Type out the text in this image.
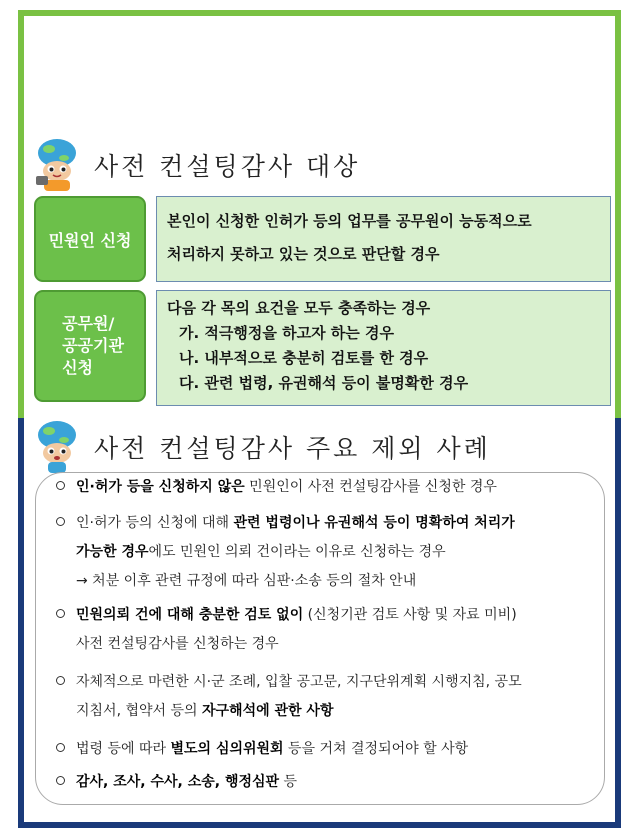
사전 컨설팅감사 대상
민원인 신청
본인이 신청한 인허가 등의 업무를 공무원이 능동적으로
처리하지 못하고 있는 것으로 판단할 경우
공무원/
공공기관
신청
다음 각 목의 요건을 모두 충족하는 경우
가. 적극행정을 하고자 하는 경우
나. 내부적으로 충분히 검토를 한 경우
다. 관련 법령, 유권해석 등이 불명확한 경우
사전 컨설팅감사 주요 제외 사례
인·허가 등을 신청하지 않은 민원인이 사전 컨설팅감사를 신청한 경우
인·허가 등의 신청에 대해 관련 법령이나 유권해석 등이 명확하여 처리가
가능한 경우에도 민원인 의뢰 건이라는 이유로 신청하는 경우
→ 처분 이후 관련 규정에 따라 심판·소송 등의 절차 안내
민원의뢰 건에 대해 충분한 검토 없이 (신청기관 검토 사항 및 자료 미비)
사전 컨설팅감사를 신청하는 경우
자체적으로 마련한 시·군 조례, 입찰 공고문, 지구단위계획 시행지침, 공모
지침서, 협약서 등의 자구해석에 관한 사항
법령 등에 따라 별도의 심의위원회 등을 거쳐 결정되어야 할 사항
감사, 조사, 수사, 소송, 행정심판 등
